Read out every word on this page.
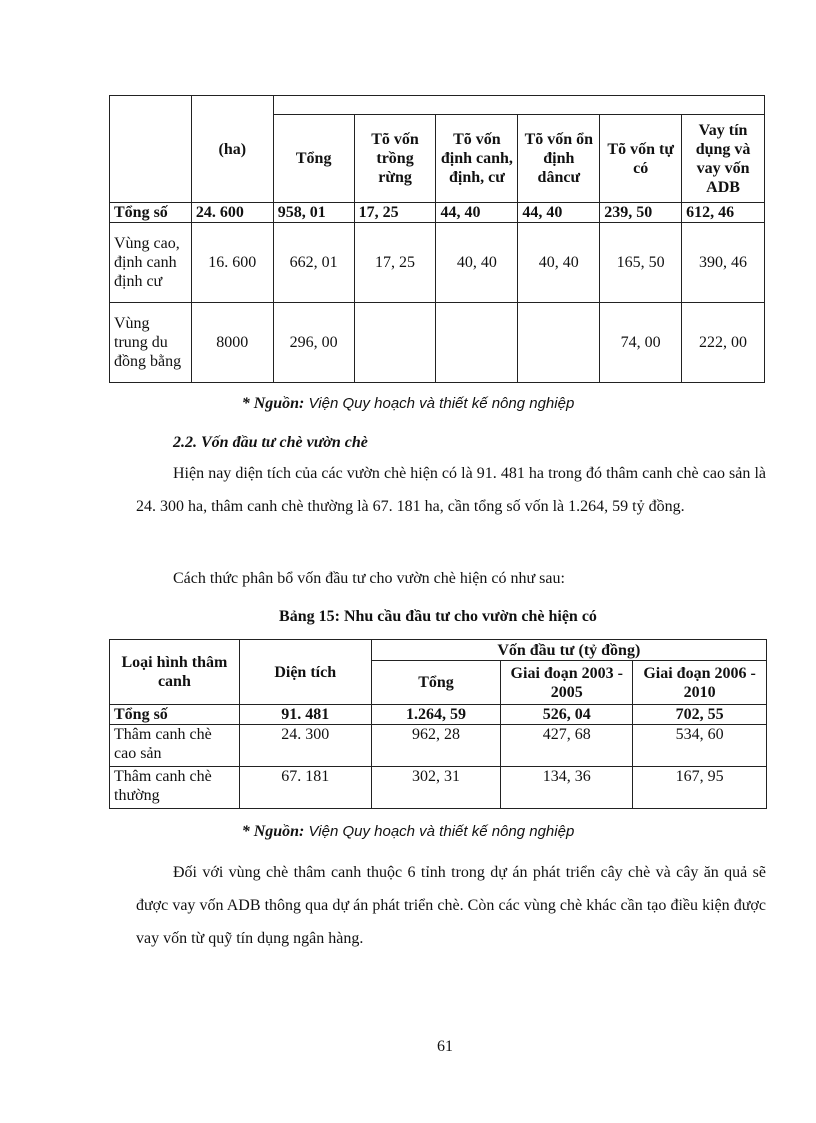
	(ha)						
		Tổng	Tõ vốn trồng rừng	Tõ vốn định canh, định, cư	Tõ vốn ổn định dâncư	Tõ vốn tự có	Vay tín dụng và vay vốn ADB
Tổng số	24. 600	958, 01	17, 25	44, 40	44, 40	239, 50	612, 46
Vùng cao, định canh định cư	16. 600	662, 01	17, 25	40, 40	40, 40	165, 50	390, 46
Vùng trung du đồng bằng	8000	296, 00				74, 00	222, 00
* Nguồn: Viện Quy hoạch và thiết kế nông nghiệp
2.2. Vốn đầu tư chè vườn chè
Hiện nay diện tích của các vườn chè hiện có là 91. 481 ha trong đó thâm canh chè cao sản là 24. 300 ha, thâm canh chè thường là 67. 181 ha, cần tổng số vốn là 1.264, 59 tỷ đồng.
Cách thức phân bổ vốn đầu tư cho vườn chè hiện có như sau:
Bảng 15: Nhu cầu đầu tư cho vườn chè hiện có
Loại hình thâm canh	Diện tích	Vốn đầu tư (tỷ đồng)		
		Tổng	Giai đoạn 2003 - 2005	Giai đoạn 2006 - 2010
Tổng số	91. 481	1.264, 59	526, 04	702, 55
Thâm canh chè cao sản	24. 300	962, 28	427, 68	534, 60
Thâm canh chè thường	67. 181	302, 31	134, 36	167, 95
* Nguồn: Viện Quy hoạch và thiết kế nông nghiệp
Đối với vùng chè thâm canh thuộc 6 tỉnh trong dự án phát triển cây chè và cây ăn quả sẽ được vay vốn ADB thông qua dự án phát triển chè. Còn các vùng chè khác cần tạo điều kiện được vay vốn từ quỹ tín dụng ngân hàng.
61
